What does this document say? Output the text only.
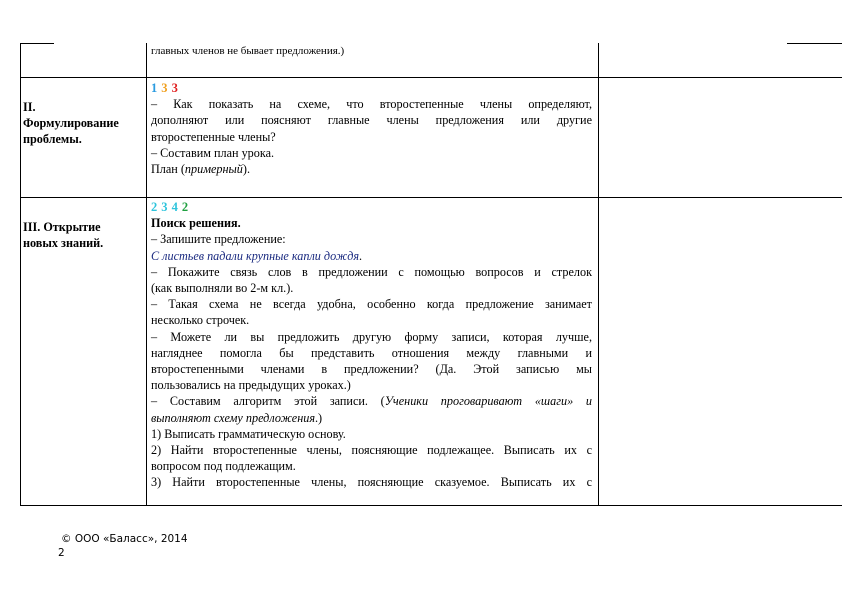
главных членов не бывает предложения.)
II.
Формулирование
проблемы.
1 3 3
– Как показать на схеме, что второстепенные члены определяют,
дополняют или поясняют главные члены предложения или другие
второстепенные члены?
– Составим план урока.
План (примерный).
III. Открытие
новых знаний.
2 3 4 2
Поиск решения.
– Запишите предложение:
С листьев падали крупные капли дождя.
– Покажите связь слов в предложении с помощью вопросов и стрелок
(как выполняли во 2-м кл.).
– Такая схема не всегда удобна, особенно когда предложение занимает
несколько строчек.
– Можете ли вы предложить другую форму записи, которая лучше,
нагляднее помогла бы представить отношения между главными и
второстепенными членами в предложении? (Да. Этой записью мы
пользовались на предыдущих уроках.)
– Составим алгоритм этой записи. (Ученики проговаривают «шаги» и
выполняют схему предложения.)
1) Выписать грамматическую основу.
2) Найти второстепенные члены, поясняющие подлежащее. Выписать их с
вопросом под подлежащим.
3) Найти второстепенные члены, поясняющие сказуемое. Выписать их с
© ООО «Баласс», 2014
2
